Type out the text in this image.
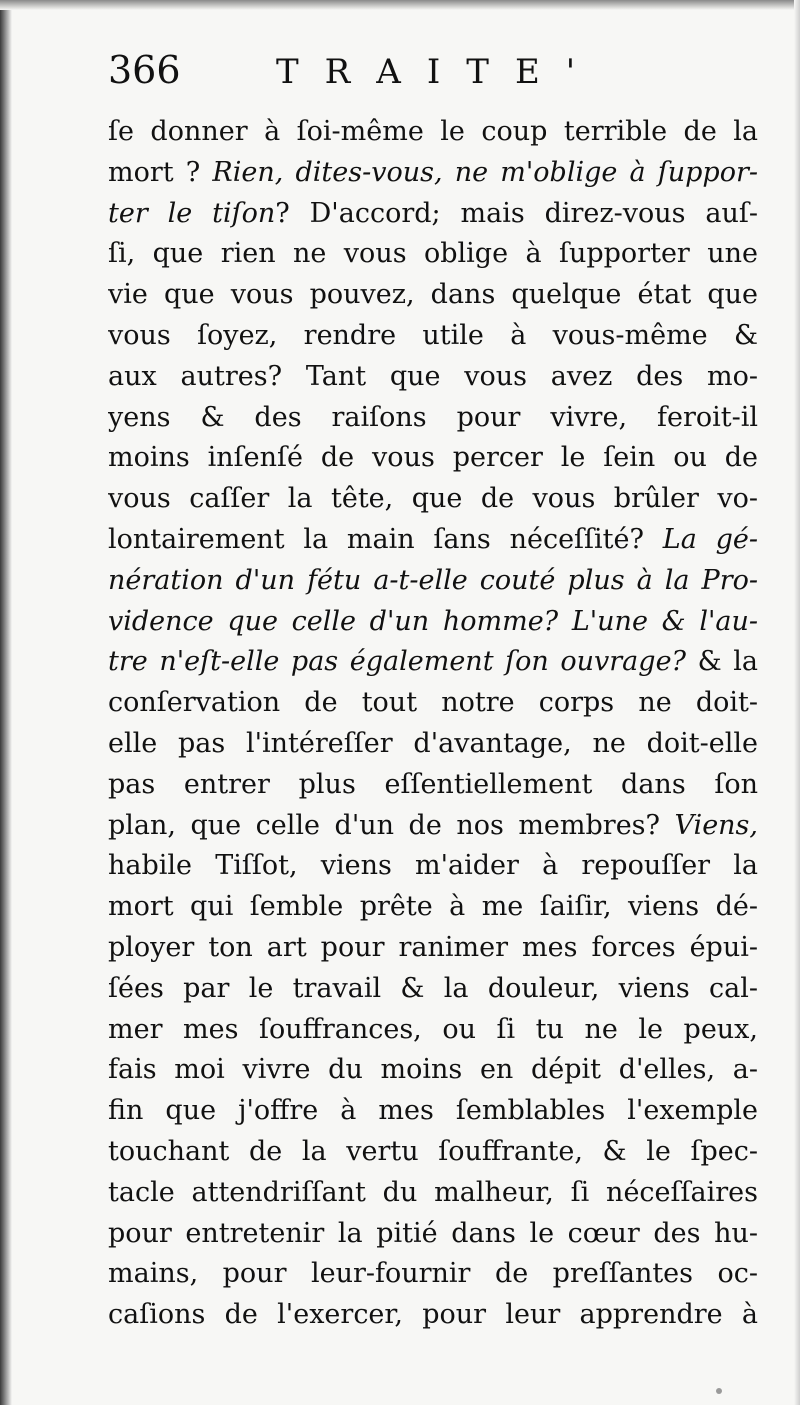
366	TRAITE'
ſe donner à ſoi-même le coup terrible de la
mort ? Rien, dites-vous, ne m'oblige à ſuppor-
ter le tiſon? D'accord; mais direz-vous auſ-
ſi, que rien ne vous oblige à ſupporter une
vie que vous pouvez, dans quelque état que
vous ſoyez, rendre utile à vous-même &
aux autres? Tant que vous avez des mo-
yens & des raiſons pour vivre, feroit-il
moins inſenſé de vous percer le ſein ou de
vous caſſer la tête, que de vous brûler vo-
lontairement la main ſans néceſſité? La gé-
nération d'un fétu a-t-elle couté plus à la Pro-
vidence que celle d'un homme? L'une & l'au-
tre n'eſt-elle pas également ſon ouvrage? & la
conſervation de tout notre corps ne doit-
elle pas l'intéreſſer d'avantage, ne doit-elle
pas entrer plus eſſentiellement dans ſon
plan, que celle d'un de nos membres? Viens,
habile Tiſſot, viens m'aider à repouſſer la
mort qui ſemble prête à me ſaiſir, viens dé-
ployer ton art pour ranimer mes forces épui-
ſées par le travail & la douleur, viens cal-
mer mes ſouffrances, ou ſi tu ne le peux,
fais moi vivre du moins en dépit d'elles, a-
fin que j'offre à mes ſemblables l'exemple
touchant de la vertu ſouffrante, & le ſpec-
tacle attendriſſant du malheur, ſi néceſſaires
pour entretenir la pitié dans le cœur des hu-
mains, pour leur-fournir de preſſantes oc-
caſions de l'exercer, pour leur apprendre à
